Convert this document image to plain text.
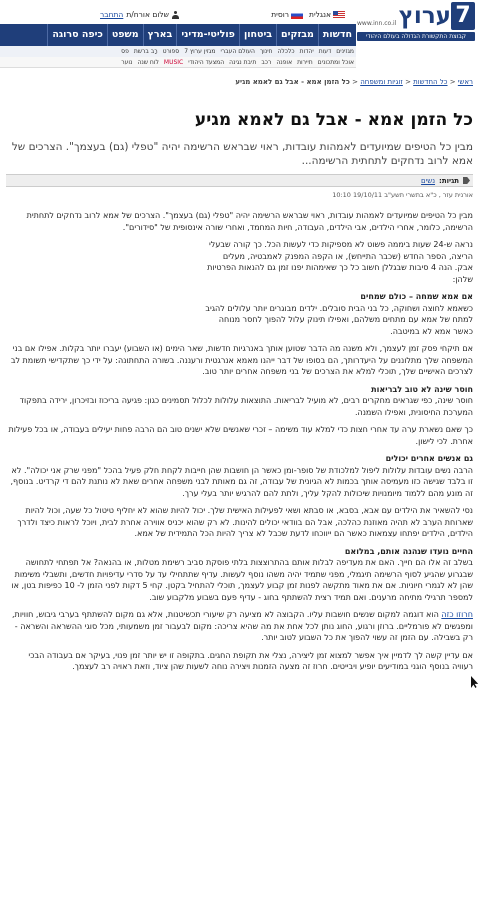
אנגלית
רוסית
שלום אורח/ת
התחבר	7
ערוץ
www.inn.co.il
קבוצת התקשורת הגדולה בעולם היהודי
חדשות
מבזקים
ביטחון
פוליטי-מדיני
בארץ
משפט
כיפה סרוגה
מגזינים
דעות
יהדות
כלכלה
חינוך
העולם העברי
מגזין ערוץ 7
ספורט
רָב ברשת
פס
אוכל ומתכונים
תיירות
אופנה
רכב
תיבת נגינה
המצעד היהודי
MUSIC
לוח שנה
נוער
ראשי < כל החדשות < זוגיות ומשפחה < כל הזמן אמא - אבל גם לאמא מגיע
כל הזמן אמא - אבל גם לאמא מגיע
מבין כל הטיפים שמיועדים לאמהות עובדות, ראוי שבראש הרשימה יהיה "טפלי (גם) בעצמך". הצרכים של אמא לרוב נדחקים לתחתית הרשימה...
תגיות:
נשים
אורנית עזר , כ"א בתשרי תשע"ב 19/10/11 10:10

מבין כל הטיפים שמיועדים לאמהות עובדות, ראוי שבראש הרשימה יהיה "טפלי (גם) בעצמך". הצרכים של אמא לרוב נדחקים לתחתית הרשימה, כלומר, אחרי הילדים, אבי הילדים, העבודה, חיות המחמד, ואחרי שורה אינסופית של "סידורים".

נראה ש-24 שעות ביממה פשוט לא מספיקות כדי לעשות הכל. כך קורה שבעלי הריצה, הספר החדש (שכבר התייחש), או הקפה המפנק לאמבטיה, מעלים אבק. הנה 4 סיבות שבגללן חשוב כל כך שאימהות יפנו זמן גם להנאות הפרטיות שלהן:

אם אמא שמחה – כולם שמחים

כשאמא לחוצה ושחוקה, כל בני הבית סובלים. ילדים מבוגרים יותר עלולים להגיב למתח של אמא עם מתחים משלהם, ואפילו תינוק עלול להפוך לחסר מנוחה כאשר אמא לא במיטבה.

אם תיקחי פסק זמן לעצמך, ולא משנה מה הדבר שטוען אותך באנרגיות חדשות, שאר הימים (או השבוע) יעברו יותר בקלות. אפילו אם בני המשפחה שלך מתלוננים על היעדרותך, הם בסופו של דבר ייהנו מאמא אנרגטית ורעננה. בשורה התחתונה: על ידי כך שתקדישי תשומת לב לצרכים האישיים שלך, תוכלי למלא את הצרכים של בני משפחה אחרים יותר טוב.

חוסר שינה לא טוב לבריאות

חוסר שינה, כפי שגראים מחקרים רבים, לא מועיל לבריאות. התוצאות עלולות לכלול תסמינים כגון: פגיעה בריכוז ובזיכרון, ירידה בתפקוד המערכת החיסונית, ואפילו השמנה.

כך שאם נשארת ערה עד אחרי חצות כדי למלא עוד משימה – זכרי שאנשים שלא ישנים טוב הם הרבה פחות יעילים בעבודה, או בכל פעילות אחרת. לכי לישון.

גם אנשים אחרים יכולים

הרבה נשים עובדות עלולות ליפול למלכודת של סופר-ומן כאשר הן חושבות שהן חייבות לקחת חלק פעיל בהכל "מפני שרק אני יכולה". לא זו בלבד שגישה כזו מעמיסה אותך בכמות לא הגיונית של עבודה, זה גם מאותת לבני משפחה אחרים שאת לא נותנת להם די קרדיט. בנוסף, זה מונע מהם ללמוד מיומנויות שיכולות להקל עליך, ולתת להם להרגיש יותר בעלי ערך.

נסי להשאיר את הילדים עם אבא, בסבא, או סבתא ושאי לפעילות האישית שלך. יכול להיות שהוא לא יחליף טיטול כל שעה, וכול להיות שארוחת הערב לא תהיה מאוזנת כהלכה, אבל הם בוודאי יכולים להינות. לא רק שהוא יכניס אווירה אחרת לבית, ויוכל לראות כיצד ולדרך הילדים, הילדים יפתחו עצמאות כאשר הם ייווכחו לדעת שכבל לא צריך להיות הכל התמידית של אמא.

החיים נועדו שנהנה אותם, במלואם

בשלב זה אלו הם חייך. האם את מעדיפה לבלות אותם בהתרוצצות בלתי פוסקת סביב רשימת מטלות, או בהנאה? אל תפתחי לתחושה שבגרוע שהגיע לסוף הרשימה תיגמלי, מפני שתמיד יהיה משהו נוסף לעשות. עדיף שתתחילי עד על סדרי עדיפויות חדשים, ותשבלי משימות שהן לא לגמרי חיוניות. אם את מאוד מתקשה לפנות זמן קבוע לעצמך, תוכלי להתחיל בקטן. קחי 5 דקות לפני הזמן ל- 10 כפיפות בטן, או למספר תרגילי מתיחה מרענים. ואם תמיד רצית להשתתף בחוג - עדיף פעם בשבוע מלקבוע שוב.

חרוזו כזה הוא דוגמה למקום שנשים חושבות עליו. הקבוצה לא מציעה רק שיעורי תכשיטנות, אלא גם מקום להשתתף בערבי גיבוש, חוויות, ומפגשים לא פורמליים. ברוזן ורגוע, החוג נותן לכל אחת את מה שהיא צריכה: מקום לבעבור זמן משמעותי, מכל סוגי ההשראה והשראה - רק בשבילה. עם הזמן זה עשוי להפוך את כל השבוע לטוב יותר.

אם עדיין קשה לך לדמיין איך אפשר למצוא זמן ליצירה, נצלי את תקופת החגים. בתקופה זו יש יותר זמן פנוי, בעיקר אם בעבודה הבכי רעוויה בנוסף הוגני במודיעים יופיע ויבייטים. חרוז זה מצעה הזמנות ויצירה נוחה לשעות שהן ציוד, וזאת ראויה רב לעצמך.
